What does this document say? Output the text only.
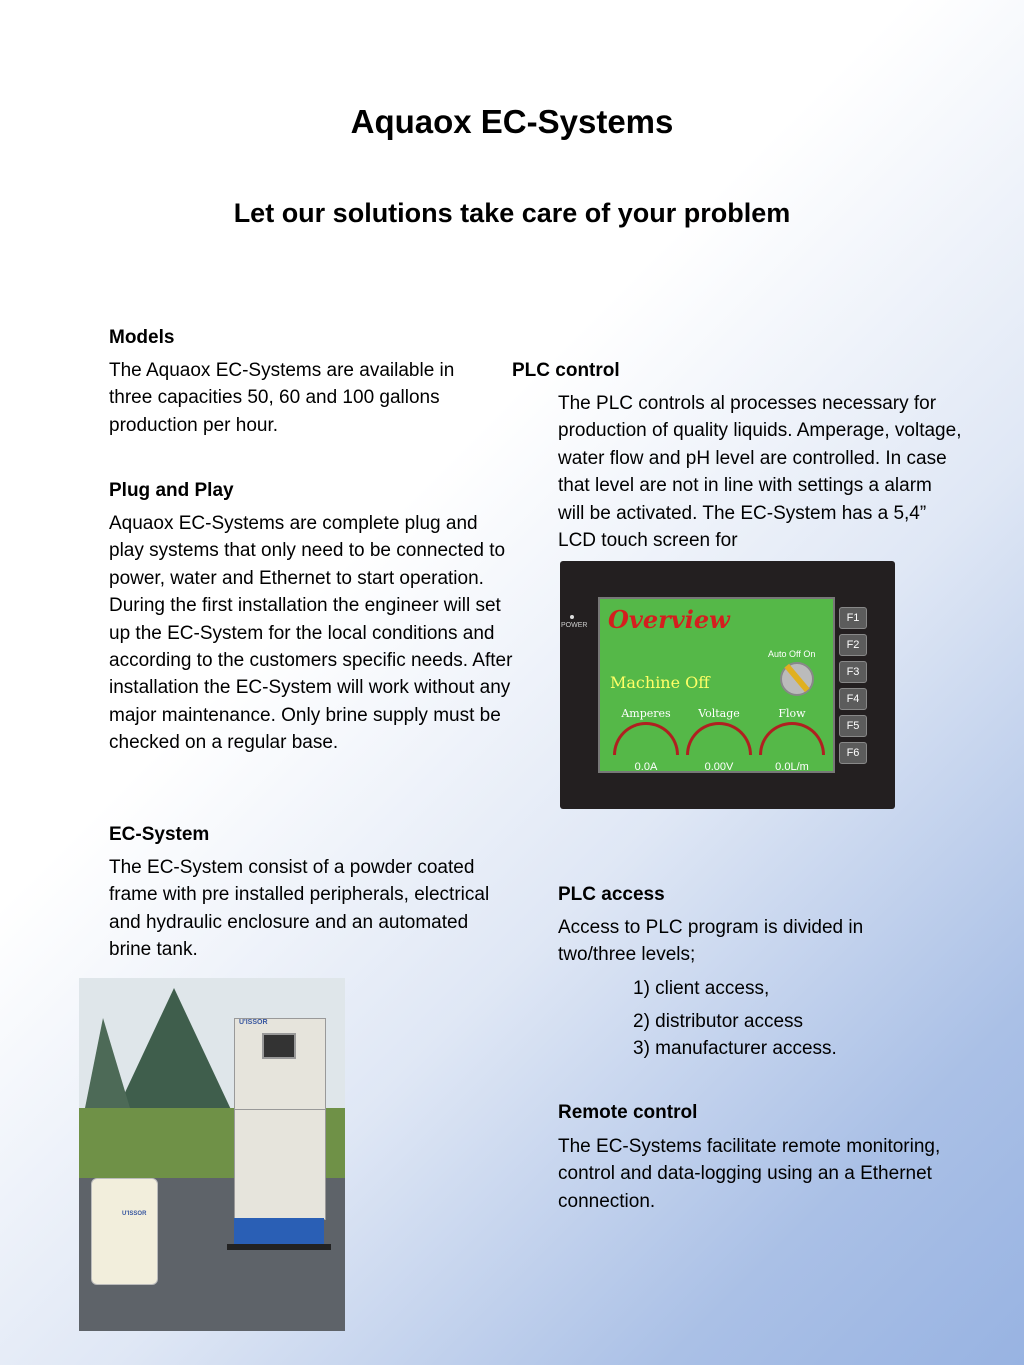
Aquaox EC-Systems
Let our solutions take care of your problem
Models
The Aquaox EC-Systems are available in three capacities 50, 60 and 100 gallons production per hour.
Plug and Play
Aquaox EC-Systems are complete plug and play systems that only need to be connected to power, water and Ethernet to start operation. During the first installation the engineer will set up the EC-System for the local conditions and according to the customers specific needs. After installation the EC-System will work without any major maintenance. Only brine supply must be checked on a regular base.
EC-System
The EC-System consist of a powder coated frame with pre installed peripherals, electrical and hydraulic enclosure and an automated brine tank.
PLC control
The PLC controls al processes necessary for production of quality liquids. Amperage, voltage, water flow and pH level are controlled. In case that level are not in line with settings a alarm will be activated. The EC-System has a 5,4” LCD touch screen for
POWER Overview
Auto Off On
Machine Off
Amperes
0.0A
Voltage
0.00V
Flow
0.0L/m
F1
F2
F3
F4
F5
F6
PLC access
Access to PLC program is divided in two/three levels;
1) client access,
2) distributor access
3) manufacturer access.
Remote control
The EC-Systems facilitate remote monitoring, control and data-logging using an a Ethernet connection.
U'ISSOR
U'ISSOR
